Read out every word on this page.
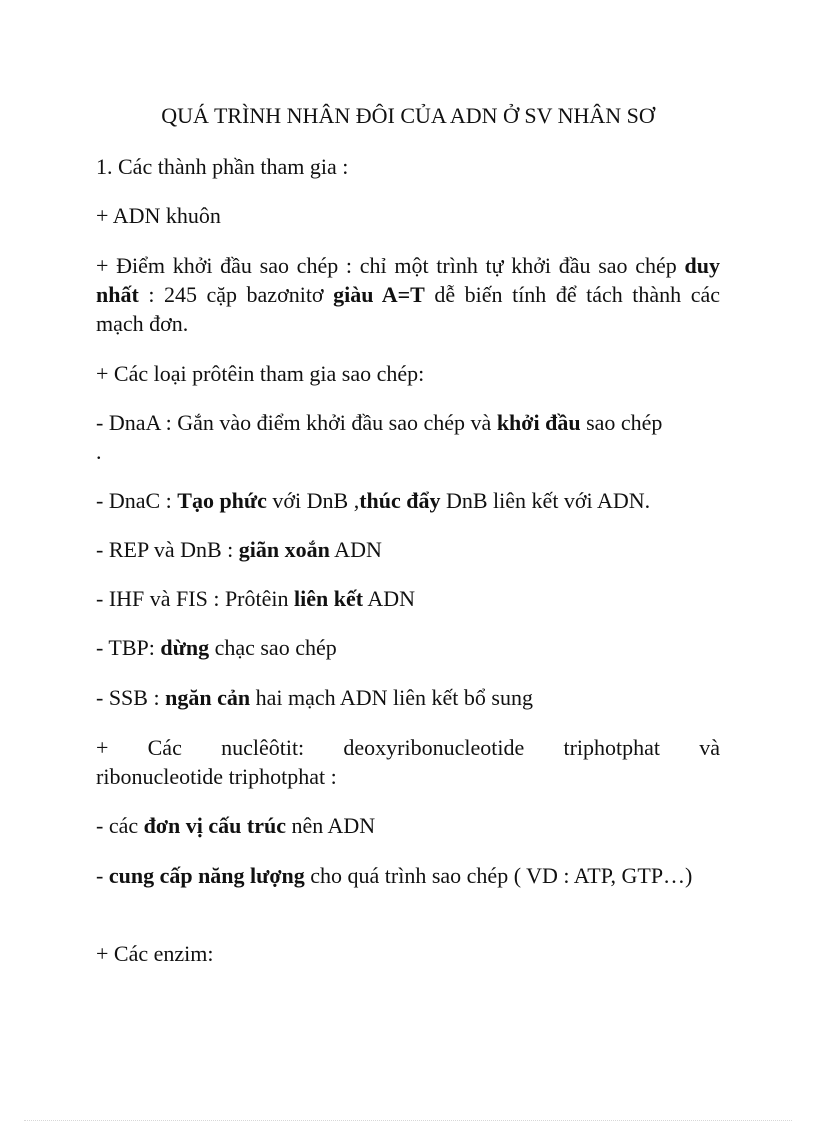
QUÁ TRÌNH NHÂN ĐÔI CỦA ADN Ở SV NHÂN SƠ
1. Các thành phần tham gia :
+ ADN khuôn
+ Điểm khởi đầu sao chép : chỉ một trình tự khởi đầu sao chép duy nhất : 245 cặp bazơnitơ giàu A=T dễ biến tính để tách thành các mạch đơn.
+ Các loại prôtêin tham gia sao chép:
- DnaA : Gắn vào điểm khởi đầu sao chép và khởi đầu sao chép
.
- DnaC : Tạo phức với DnB ,thúc đẩy DnB liên kết với ADN.
- REP và DnB : giãn xoắn ADN
- IHF và FIS : Prôtêin liên kết ADN
- TBP: dừng chạc sao chép
- SSB : ngăn cản hai mạch ADN liên kết bổ sung
+ Các nuclêôtit: deoxyribonucleotide triphotphat và
ribonucleotide triphotphat :
- các đơn vị cấu trúc nên ADN
- cung cấp năng lượng cho quá trình sao chép ( VD : ATP, GTP…)
+ Các enzim:
